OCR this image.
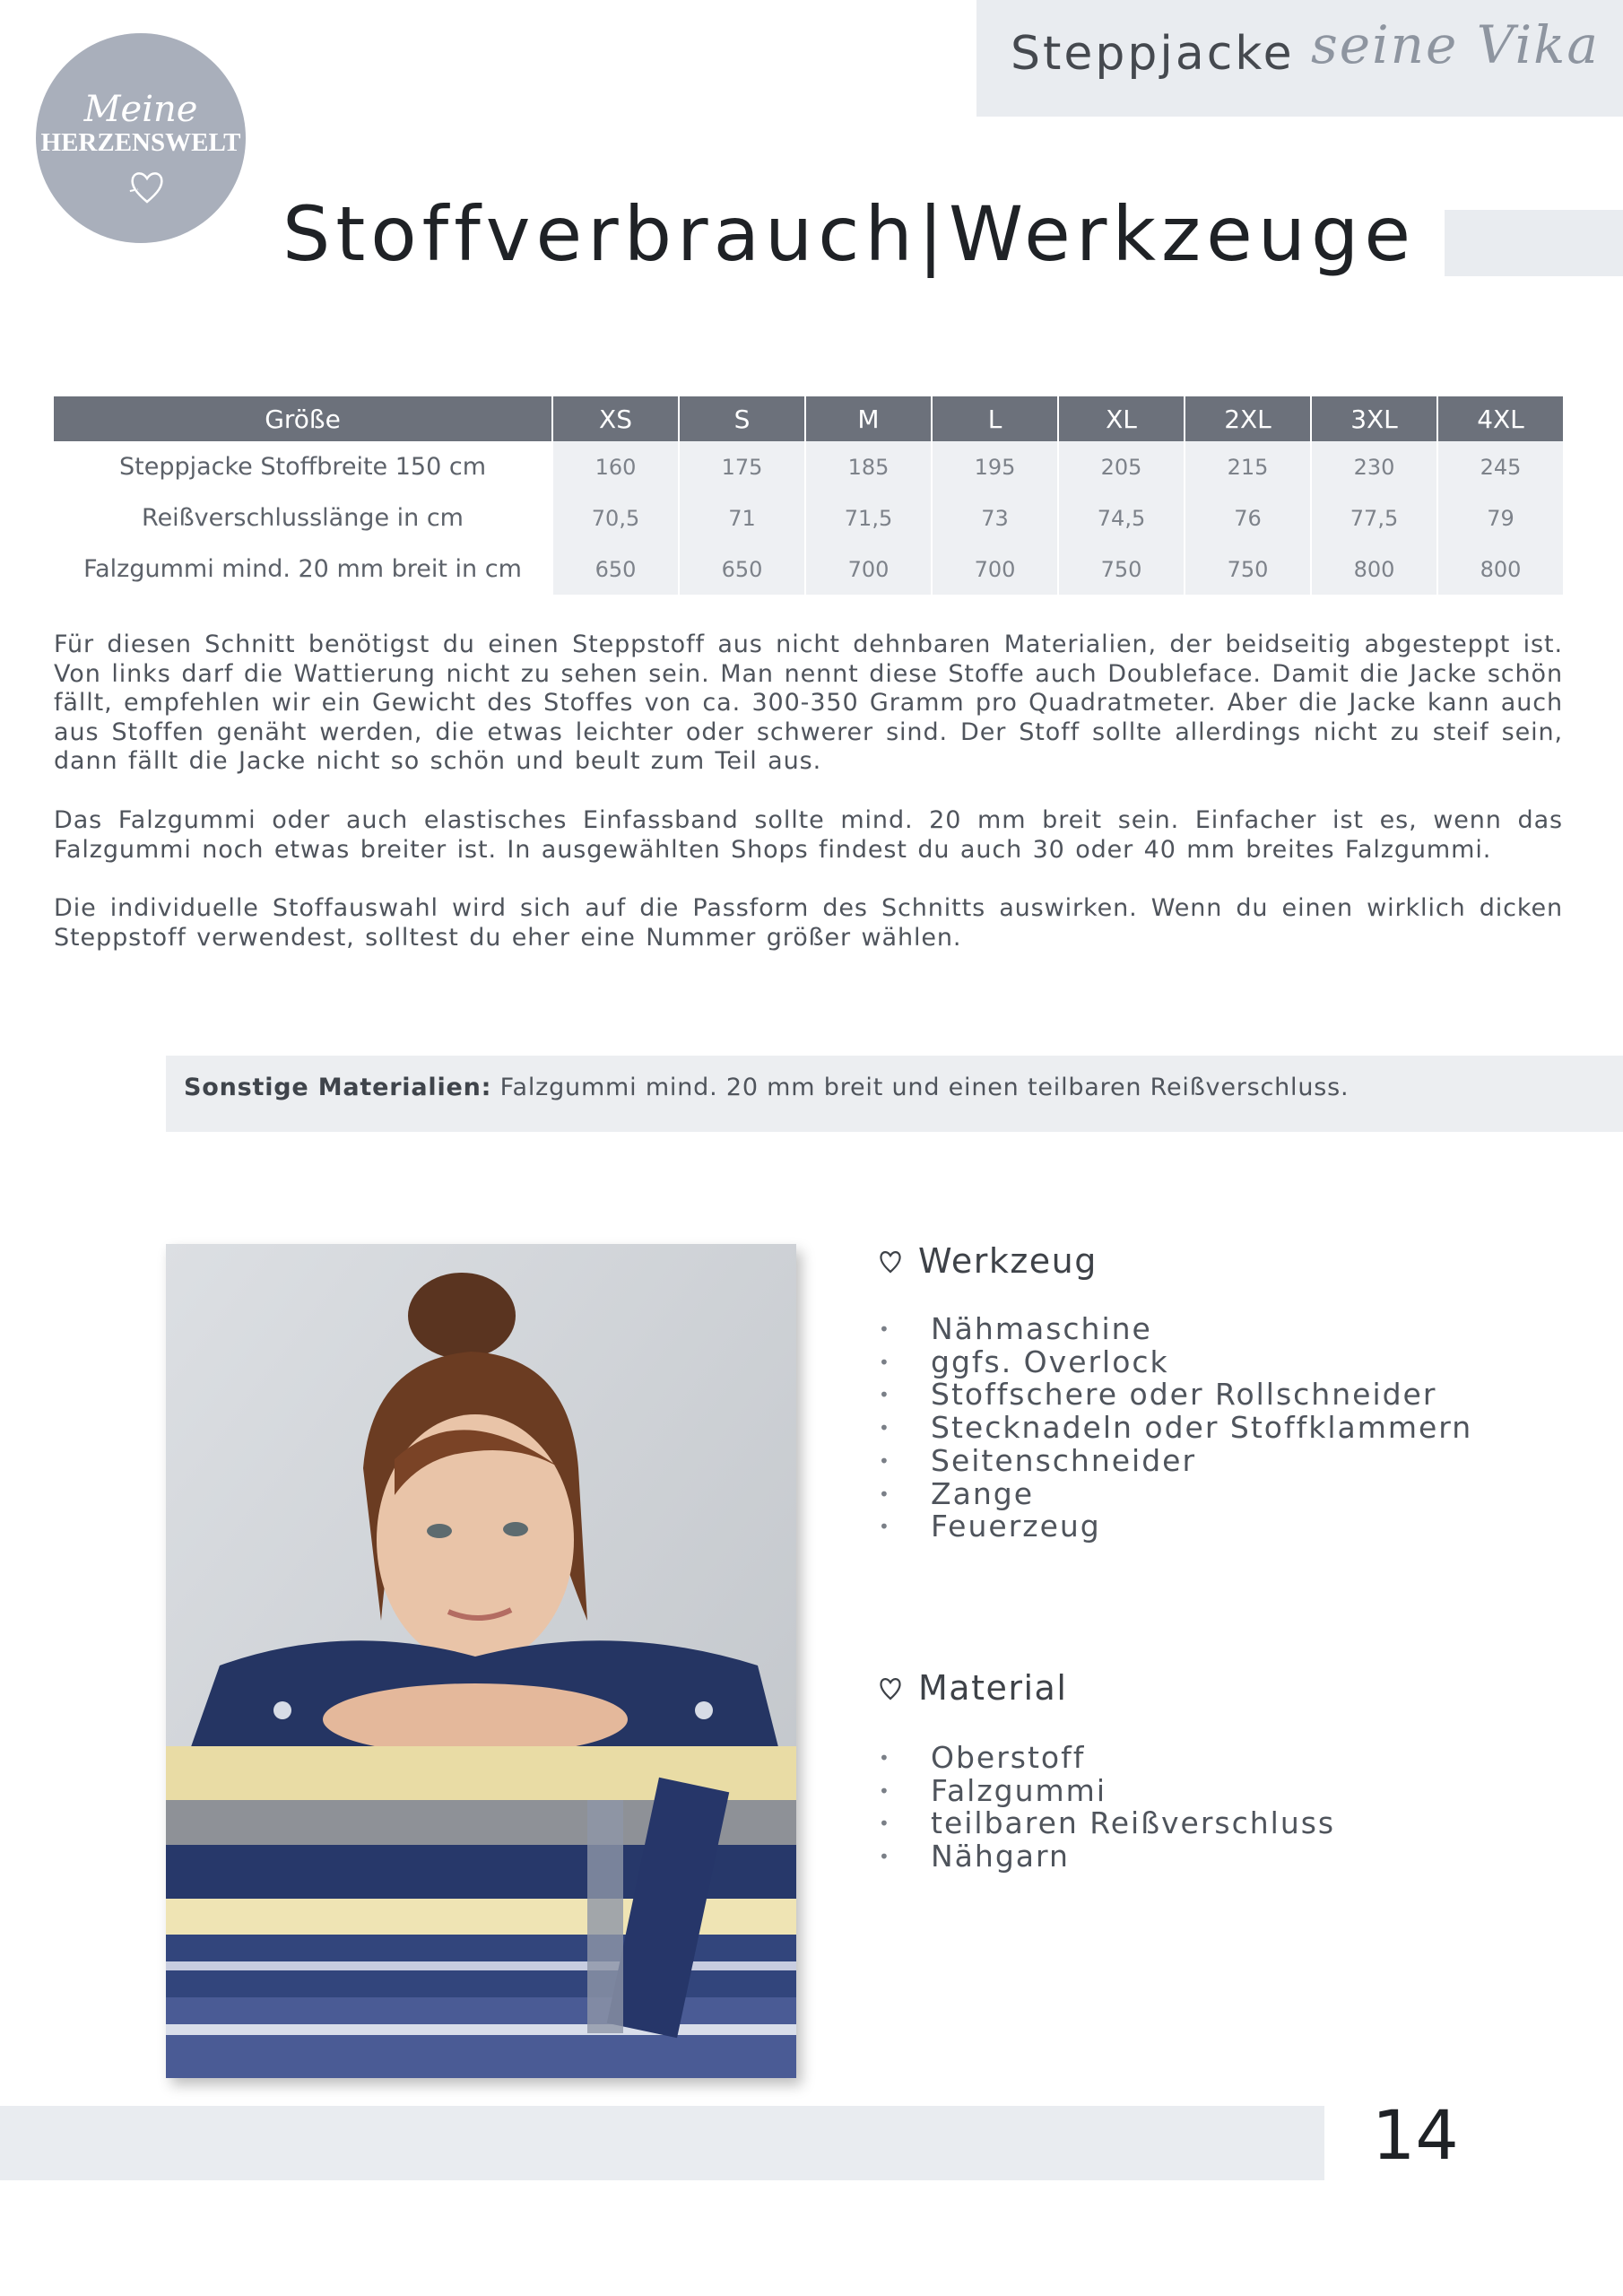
Meine
HERZENSWELT
Steppjacke seine Vika
Stoffverbrauch|Werkzeuge
Größe	XS	S	M	L	XL	2XL	3XL	4XL
Steppjacke Stoffbreite 150 cm	160	175	185	195	205	215	230	245
Reißverschlusslänge in cm	70,5	71	71,5	73	74,5	76	77,5	79
Falzgummi mind. 20 mm breit in cm	650	650	700	700	750	750	800	800

Für diesen Schnitt benötigst du einen Steppstoff aus nicht dehnbaren Materialien, der beidseitig abgesteppt ist. Von links darf die Wattierung nicht zu sehen sein. Man nennt diese Stoffe auch Doubleface. Damit die Jacke schön fällt, empfehlen wir ein Gewicht des Stoffes von ca. 300-350 Gramm pro Quadratmeter. Aber die Jacke kann auch aus Stoffen genäht werden, die etwas leichter oder schwerer sind. Der Stoff sollte allerdings nicht zu steif sein, dann fällt die Jacke nicht so schön und beult zum Teil aus.

Das Falzgummi oder auch elastisches Einfassband sollte mind. 20 mm breit sein. Einfacher ist es, wenn das Falzgummi noch etwas breiter ist. In ausgewählten Shops findest du auch 30 oder 40 mm breites Falzgummi.

Die individuelle Stoffauswahl wird sich auf die Passform des Schnitts auswirken. Wenn du einen wirklich dicken Steppstoff verwendest, solltest du eher eine Nummer größer wählen.

Sonstige Materialien: Falzgummi mind. 20 mm breit und einen teilbaren Reißverschluss.
Werkzeug
• Nähmaschine
• ggfs. Overlock
• Stoffschere oder Rollschneider
• Stecknadeln oder Stoffklammern
• Seitenschneider
• Zange
• Feuerzeug
Material
• Oberstoff
• Falzgummi
• teilbaren Reißverschluss
• Nähgarn
14
